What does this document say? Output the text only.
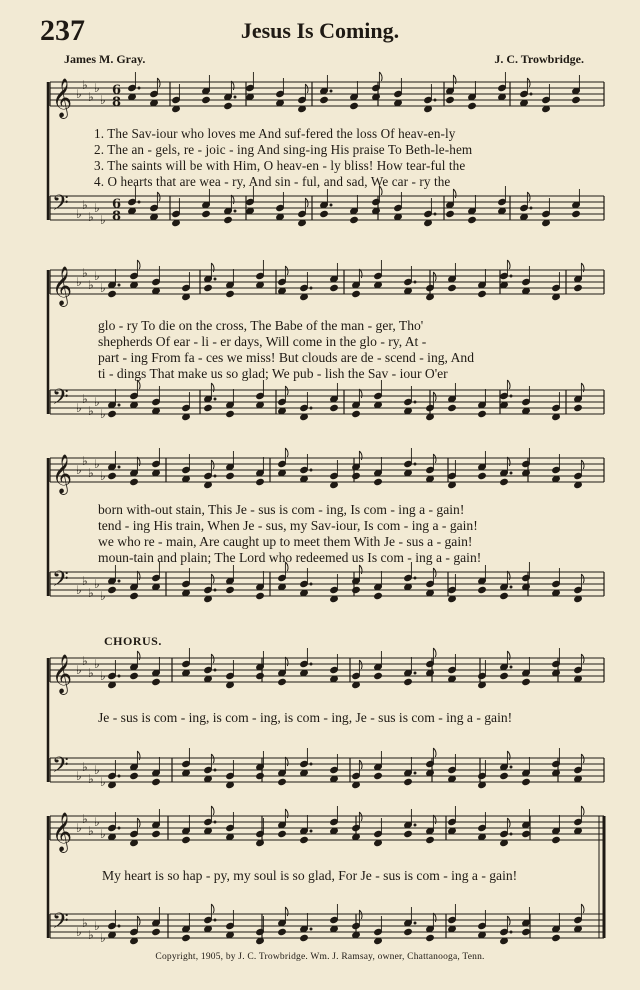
237	Jesus Is Coming.
James M. Gray.	J. C. Trowbridge.
𝄞 ♭
♭
♭
♭
♭
𝄢 ♭
♭
♭
♭
♭
𝄞 ♭
♭
♭
♭
♭
𝄢 ♭
♭
♭
♭
♭
𝄞 ♭
♭
♭
♭
♭
𝄢 ♭
♭
♭
♭
♭
𝄞 ♭
♭
♭
♭
♭
𝄢 ♭
♭
♭
♭
♭
𝄞 ♭
♭
♭
♭
♭
𝄢 ♭
♭
♭
♭
♭
6
8
6
8
1. The Sav-iour who loves me And suf-fered the loss Of heav-en-ly
2. The an - gels, re - joic - ing And sing-ing His praise To Beth-le-hem
3. The saints will be with Him, O heav-en - ly bliss! How tear-ful the
4. O hearts that are wea - ry, And sin - ful, and sad, We car - ry the
glo - ry To die on the cross, The Babe of the man - ger, Tho'
shepherds Of ear - li - er days, Will come in the glo - ry, At -
part - ing From fa - ces we miss! But clouds are de - scend - ing, And
ti - dings That make us so glad; We pub - lish the Sav - iour O'er
born with-out stain, This Je - sus is com - ing, Is com - ing a - gain!
tend - ing His train, When Je - sus, my Sav-iour, Is com - ing a - gain!
we who re - main, Are caught up to meet them With Je - sus a - gain!
moun-tain and plain; The Lord who redeemed us Is com - ing a - gain!
CHORUS.
Je - sus is com - ing, is com - ing, is com - ing, Je - sus is com - ing a - gain!
My heart is so hap - py, my soul is so glad, For Je - sus is com - ing a - gain!
Copyright, 1905, by J. C. Trowbridge. Wm. J. Ramsay, owner, Chattanooga, Tenn.
